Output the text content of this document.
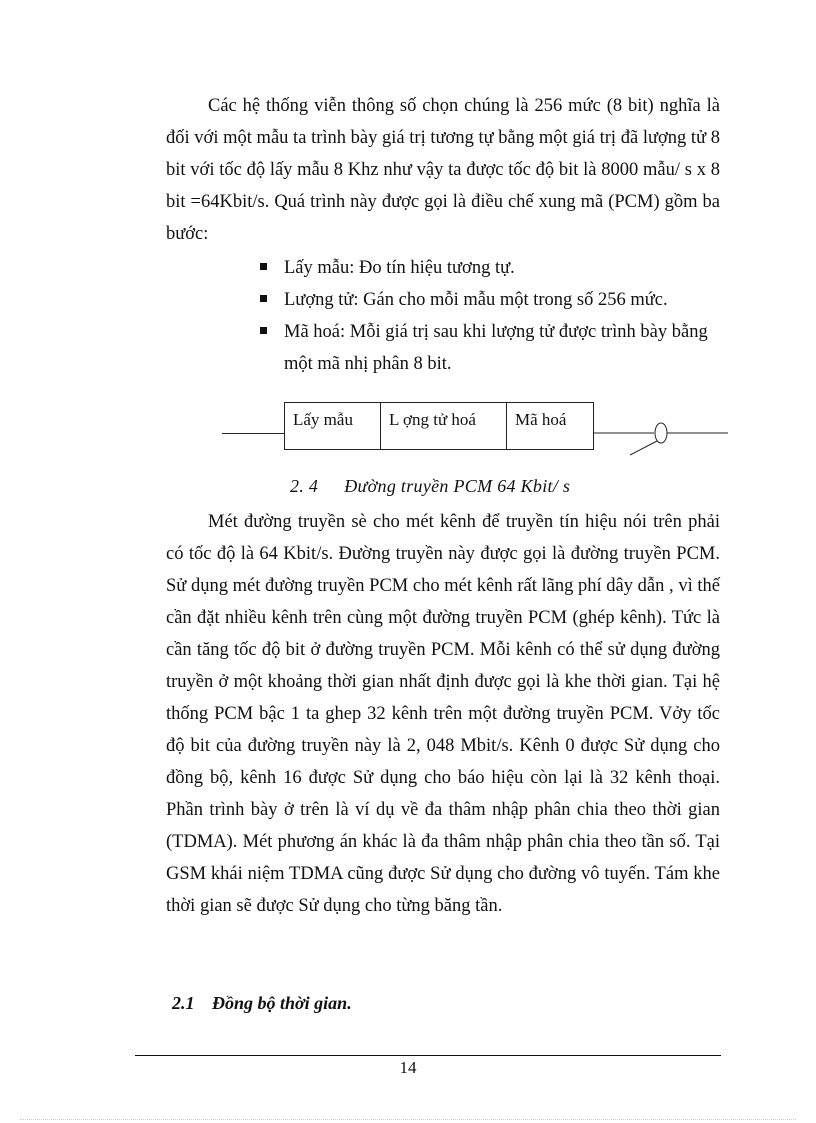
Các hệ thống viễn thông số chọn chúng là 256 mức (8 bit) nghĩa là đối với một mẫu ta trình bày giá trị tương tự bằng một giá trị đã lượng tử 8 bit với tốc độ lấy mẫu 8 Khz như vậy ta được tốc độ bit là 8000 mẫu/ s x 8 bit =64Kbit/s. Quá trình này được gọi là điều chế xung mã (PCM) gồm ba bước:

Lấy mẫu: Đo tín hiệu tương tự.
Lượng tử: Gán cho mỗi mẫu một trong số 256 mức.
Mã hoá: Mỗi giá trị sau khi lượng tử được trình bày bằng một mã nhị phân 8 bit.
Lấy mẫu	L ợng tử hoá	Mã hoá
2. 4 Đường truyền PCM 64 Kbit/ s

Mét đường truyền sè cho mét kênh để truyền tín hiệu nói trên phải có tốc độ là 64 Kbit/s. Đường truyền này được gọi là đường truyền PCM. Sử dụng mét đường truyền PCM cho mét kênh rất lãng phí dây dẫn , vì thế cần đặt nhiều kênh trên cùng một đường truyền PCM (ghép kênh). Tức là cần tăng tốc độ bit ở đường truyền PCM. Mỗi kênh có thể sử dụng đường truyền ở một khoảng thời gian nhất định được gọi là khe thời gian. Tại hệ thống PCM bậc 1 ta ghep 32 kênh trên một đường truyền PCM. Vởy tốc độ bit của đường truyền này là 2, 048 Mbit/s. Kênh 0 được Sử dụng cho đồng bộ, kênh 16 được Sử dụng cho báo hiệu còn lại là 32 kênh thoại. Phần trình bày ở trên là ví dụ về đa thâm nhập phân chia theo thời gian (TDMA). Mét phương án khác là đa thâm nhập phân chia theo tần số. Tại GSM khái niệm TDMA cũng được Sử dụng cho đường vô tuyến. Tám khe thời gian sẽ được Sử dụng cho từng băng tần.

2.1 Đồng bộ thời gian.
14
